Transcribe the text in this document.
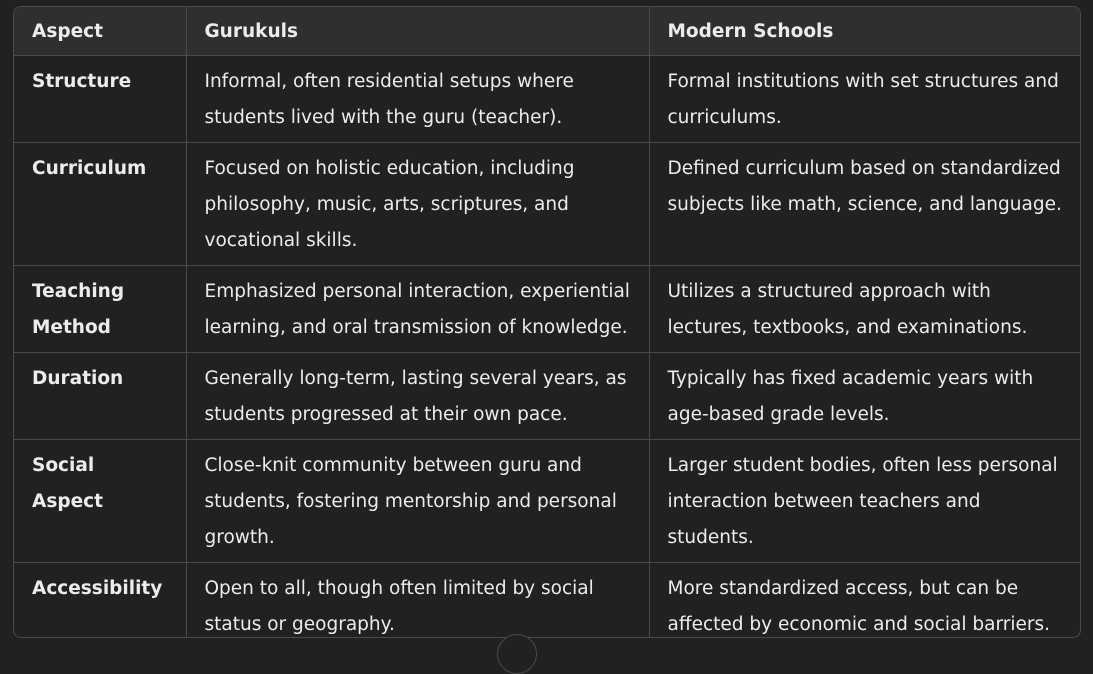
Aspect	Gurukuls	Modern Schools
Structure	Informal, often residential setups where students lived with the guru (teacher).	Formal institutions with set structures and curriculums.
Curriculum	Focused on holistic education, including philosophy, music, arts, scriptures, and vocational skills.	Defined curriculum based on standardized subjects like math, science, and language.
Teaching Method	Emphasized personal interaction, experiential learning, and oral transmission of knowledge.	Utilizes a structured approach with lectures, textbooks, and examinations.
Duration	Generally long-term, lasting several years, as students progressed at their own pace.	Typically has fixed academic years with age-based grade levels.
Social Aspect	Close-knit community between guru and students, fostering mentorship and personal growth.	Larger student bodies, often less personal interaction between teachers and students.
Accessibility	Open to all, though often limited by social status or geography.	More standardized access, but can be affected by economic and social barriers.
